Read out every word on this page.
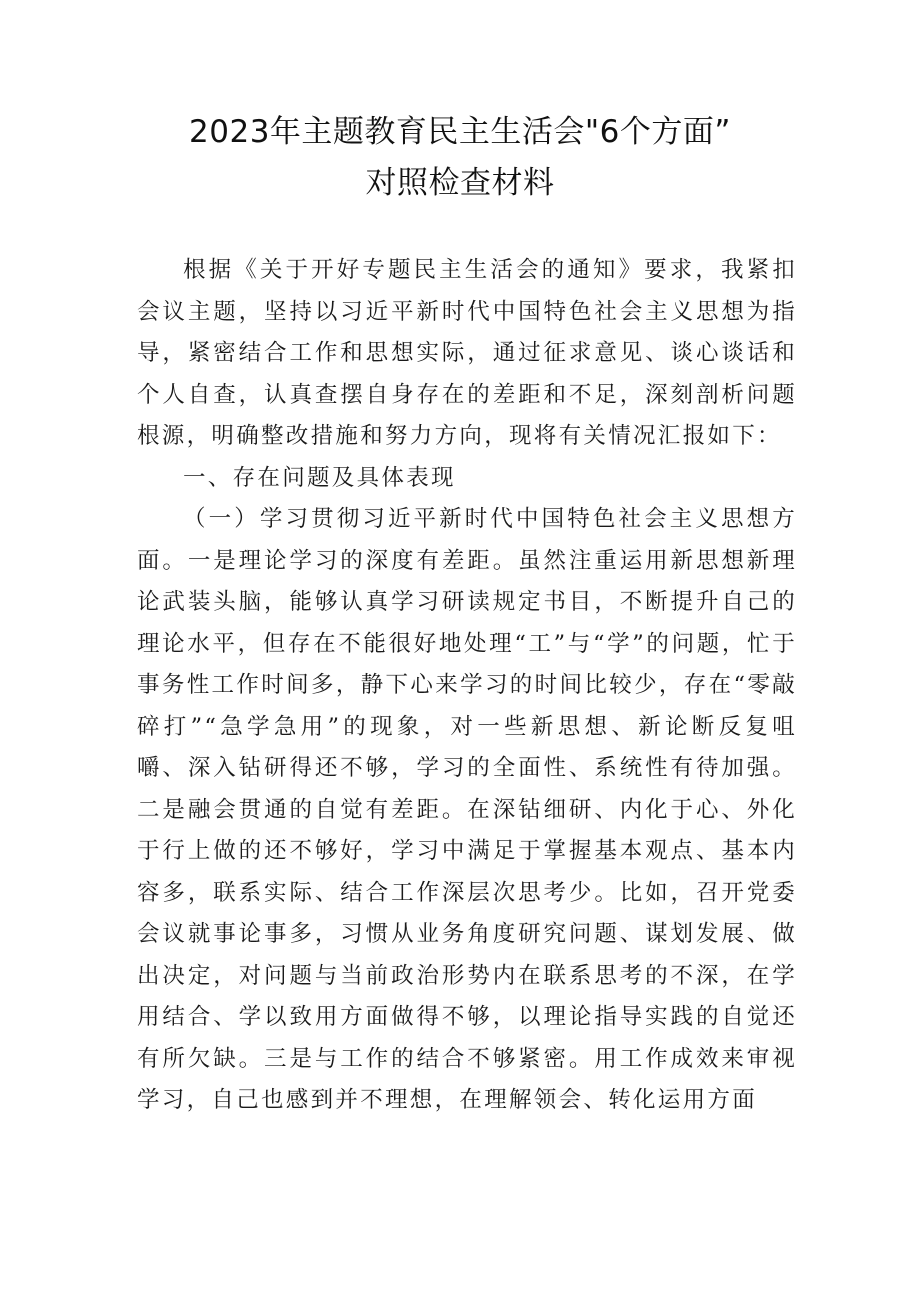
2023年主题教育民主生活会"6个方面”
对照检查材料

根据《关于开好专题民主生活会的通知》要求，我紧扣会议主题，坚持以习近平新时代中国特色社会主义思想为指导，紧密结合工作和思想实际，通过征求意见、谈心谈话和个人自查，认真查摆自身存在的差距和不足，深刻剖析问题根源，明确整改措施和努力方向，现将有关情况汇报如下：

一、存在问题及具体表现

（一）学习贯彻习近平新时代中国特色社会主义思想方面。一是理论学习的深度有差距。虽然注重运用新思想新理论武装头脑，能够认真学习研读规定书目，不断提升自己的理论水平，但存在不能很好地处理“工”与“学”的问题，忙于事务性工作时间多，静下心来学习的时间比较少，存在“零敲碎打”“急学急用”的现象，对一些新思想、新论断反复咀嚼、深入钻研得还不够，学习的全面性、系统性有待加强。二是融会贯通的自觉有差距。在深钻细研、内化于心、外化于行上做的还不够好，学习中满足于掌握基本观点、基本内容多，联系实际、结合工作深层次思考少。比如，召开党委会议就事论事多，习惯从业务角度研究问题、谋划发展、做出决定，对问题与当前政治形势内在联系思考的不深，在学用结合、学以致用方面做得不够，以理论指导实践的自觉还有所欠缺。三是与工作的结合不够紧密。用工作成效来审视学习，自己也感到并不理想，在理解领会、转化运用方面
